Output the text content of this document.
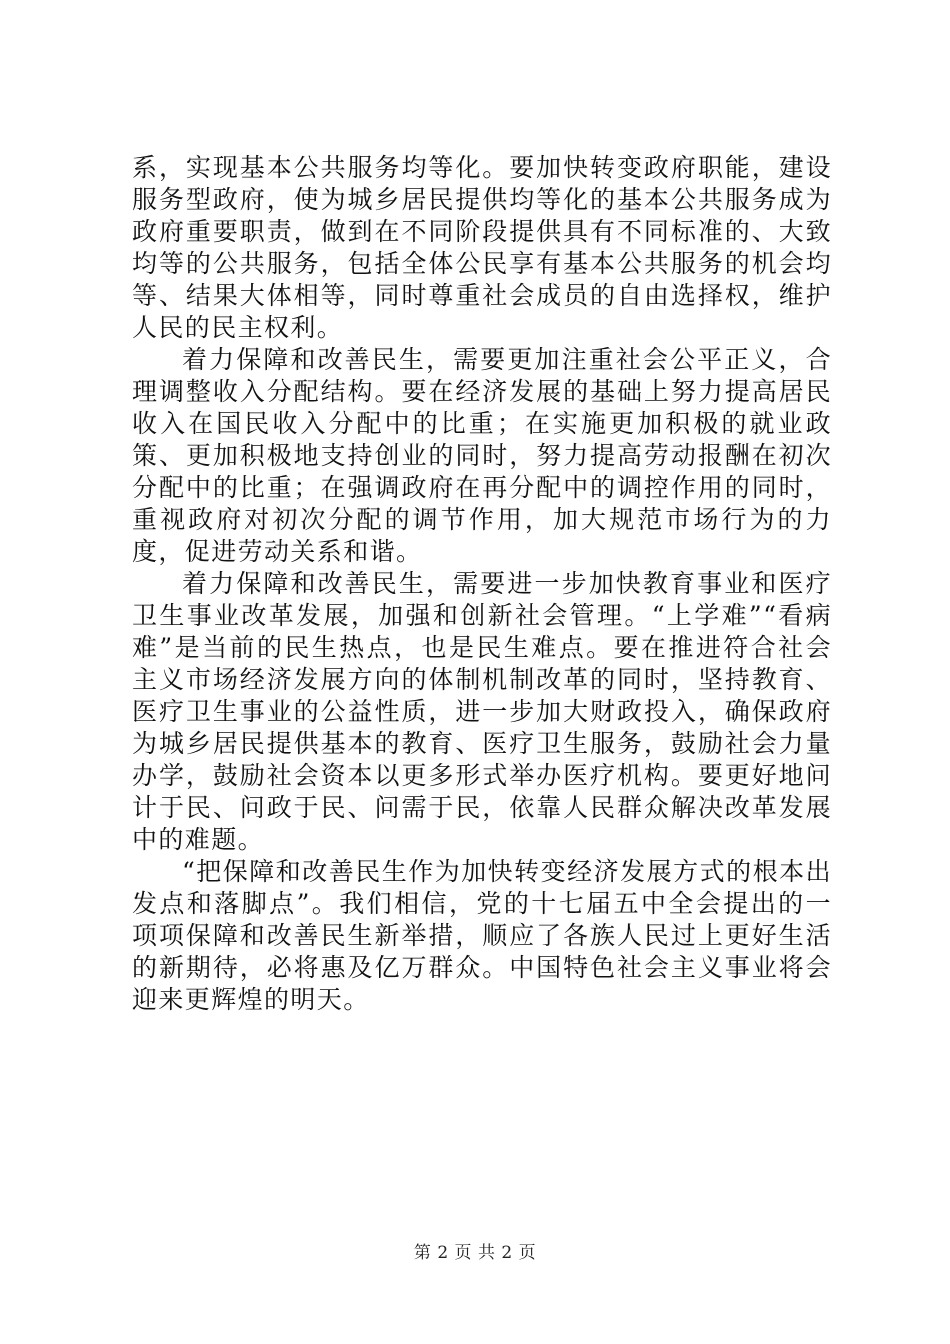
系，实现基本公共服务均等化。要加快转变政府职能，建设服务型政府，使为城乡居民提供均等化的基本公共服务成为政府重要职责，做到在不同阶段提供具有不同标准的、大致均等的公共服务，包括全体公民享有基本公共服务的机会均等、结果大体相等，同时尊重社会成员的自由选择权，维护人民的民主权利。

着力保障和改善民生，需要更加注重社会公平正义，合理调整收入分配结构。要在经济发展的基础上努力提高居民收入在国民收入分配中的比重；在实施更加积极的就业政策、更加积极地支持创业的同时，努力提高劳动报酬在初次分配中的比重；在强调政府在再分配中的调控作用的同时，重视政府对初次分配的调节作用，加大规范市场行为的力度，促进劳动关系和谐。

着力保障和改善民生，需要进一步加快教育事业和医疗卫生事业改革发展，加强和创新社会管理。“上学难”“看病难”是当前的民生热点，也是民生难点。要在推进符合社会主义市场经济发展方向的体制机制改革的同时，坚持教育、医疗卫生事业的公益性质，进一步加大财政投入，确保政府为城乡居民提供基本的教育、医疗卫生服务，鼓励社会力量办学，鼓励社会资本以更多形式举办医疗机构。要更好地问计于民、问政于民、问需于民，依靠人民群众解决改革发展中的难题。

“把保障和改善民生作为加快转变经济发展方式的根本出发点和落脚点”。我们相信，党的十七届五中全会提出的一项项保障和改善民生新举措，顺应了各族人民过上更好生活的新期待，必将惠及亿万群众。中国特色社会主义事业将会迎来更辉煌的明天。

第 2 页 共 2 页
